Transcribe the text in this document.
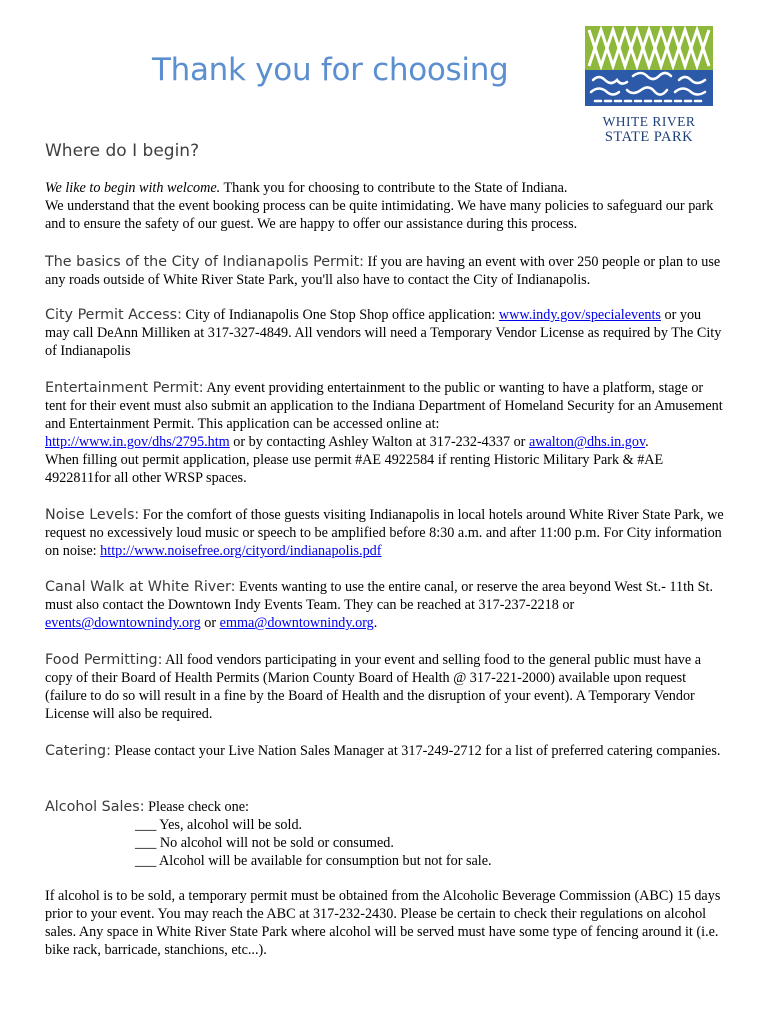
Thank you for choosing
Where do I begin?
WHITE RIVER
STATE PARK

We like to begin with welcome. Thank you for choosing to contribute to the State of Indiana.

We understand that the event booking process can be quite intimidating. We have many policies to safeguard our park and to ensure the safety of our guest. We are happy to offer our assistance during this process.

The basics of the City of Indianapolis Permit: If you are having an event with over 250 people or plan to use any roads outside of White River State Park, you'll also have to contact the City of Indianapolis.

City Permit Access: City of Indianapolis One Stop Shop office application: www.indy.gov/specialevents or you may call DeAnn Milliken at 317-327-4849. All vendors will need a Temporary Vendor License as required by The City of Indianapolis

Entertainment Permit: Any event providing entertainment to the public or wanting to have a platform, stage or tent for their event must also submit an application to the Indiana Department of Homeland Security for an Amusement and Entertainment Permit. This application can be accessed online at:

http://www.in.gov/dhs/2795.htm or by contacting Ashley Walton at 317-232-4337 or awalton@dhs.in.gov.

When filling out permit application, please use permit #AE 4922584 if renting Historic Military Park & #AE 4922811for all other WRSP spaces.

Noise Levels: For the comfort of those guests visiting Indianapolis in local hotels around White River State Park, we request no excessively loud music or speech to be amplified before 8:30 a.m. and after 11:00 p.m. For City information on noise: http://www.noisefree.org/cityord/indianapolis.pdf

Canal Walk at White River: Events wanting to use the entire canal, or reserve the area beyond West St.- 11th St. must also contact the Downtown Indy Events Team. They can be reached at 317-237-2218 or events@downtownindy.org or emma@downtownindy.org.

Food Permitting: All food vendors participating in your event and selling food to the general public must have a copy of their Board of Health Permits (Marion County Board of Health @ 317-221-2000) available upon request (failure to do so will result in a fine by the Board of Health and the disruption of your event). A Temporary Vendor License will also be required.

Catering: Please contact your Live Nation Sales Manager at 317-249-2712 for a list of preferred catering companies.

Alcohol Sales: Please check one:

___ Yes, alcohol will be sold.

___ No alcohol will not be sold or consumed.

___ Alcohol will be available for consumption but not for sale.

If alcohol is to be sold, a temporary permit must be obtained from the Alcoholic Beverage Commission (ABC) 15 days prior to your event. You may reach the ABC at 317-232-2430. Please be certain to check their regulations on alcohol sales. Any space in White River State Park where alcohol will be served must have some type of fencing around it (i.e. bike rack, barricade, stanchions, etc...).
